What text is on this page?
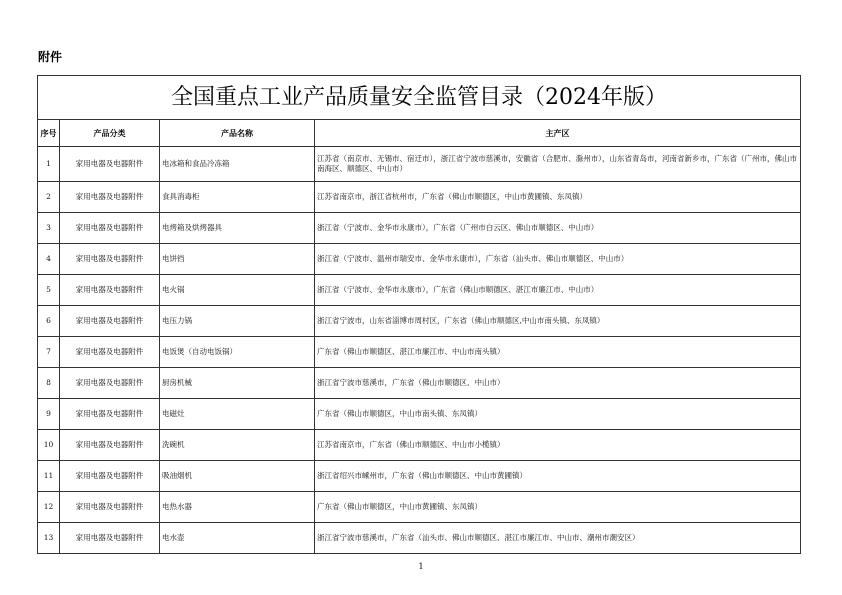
附件
全国重点工业产品质量安全监管目录（2024年版）			
序号	产品分类	产品名称	主产区
1	家用电器及电器附件	电冰箱和食品冷冻箱	江苏省（南京市、无锡市、宿迁市），浙江省宁波市慈溪市，安徽省（合肥市、滁州市），山东省青岛市，河南省新乡市，广东省（广州市，佛山市南海区、顺德区、中山市）
2	家用电器及电器附件	食具消毒柜	江苏省南京市，浙江省杭州市，广东省（佛山市顺德区，中山市黄圃镇、东凤镇）
3	家用电器及电器附件	电烤箱及烘烤器具	浙江省（宁波市、金华市永康市），广东省（广州市白云区、佛山市顺德区、中山市）
4	家用电器及电器附件	电饼铛	浙江省（宁波市、温州市瑞安市、金华市永康市），广东省（汕头市、佛山市顺德区、中山市）
5	家用电器及电器附件	电火锅	浙江省（宁波市、金华市永康市），广东省（佛山市顺德区、湛江市廉江市、中山市）
6	家用电器及电器附件	电压力锅	浙江省宁波市，山东省淄博市周村区，广东省（佛山市顺德区,中山市南头镇、东凤镇）
7	家用电器及电器附件	电饭煲（自动电饭锅）	广东省（佛山市顺德区、湛江市廉江市、中山市南头镇）
8	家用电器及电器附件	厨房机械	浙江省宁波市慈溪市，广东省（佛山市顺德区、中山市）
9	家用电器及电器附件	电磁灶	广东省（佛山市顺德区，中山市南头镇、东凤镇）
10	家用电器及电器附件	洗碗机	江苏省南京市，广东省（佛山市顺德区、中山市小榄镇）
11	家用电器及电器附件	吸油烟机	浙江省绍兴市嵊州市，广东省（佛山市顺德区、中山市黄圃镇）
12	家用电器及电器附件	电热水器	广东省（佛山市顺德区，中山市黄圃镇、东凤镇）
13	家用电器及电器附件	电水壶	浙江省宁波市慈溪市，广东省（汕头市、佛山市顺德区、湛江市廉江市、中山市、潮州市潮安区）
1
